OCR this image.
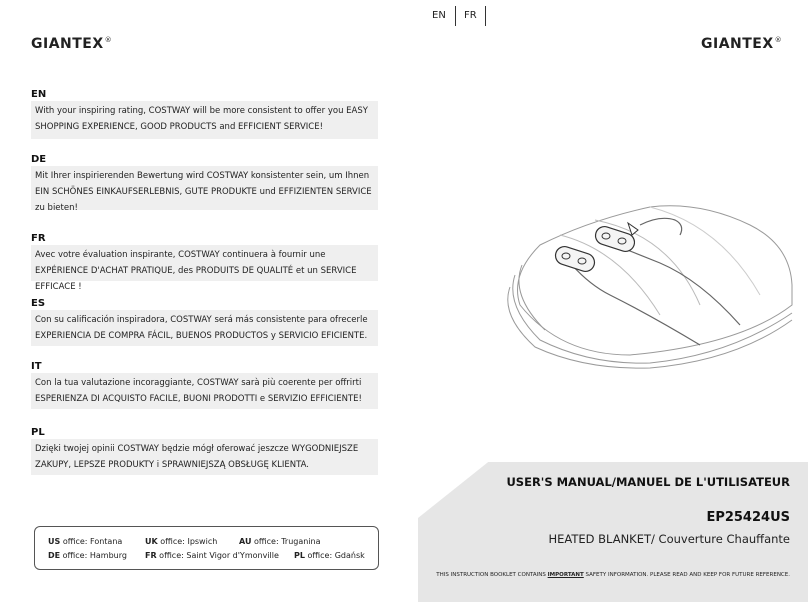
EN FR
GIANTEX®	GIANTEX®
EN
With your inspiring rating, COSTWAY will be more consistent to offer you EASY SHOPPING EXPERIENCE, GOOD PRODUCTS and EFFICIENT SERVICE!
DE
Mit Ihrer inspirierenden Bewertung wird COSTWAY konsistenter sein, um Ihnen EIN SCHÖNES EINKAUFSERLEBNIS, GUTE PRODUKTE und EFFIZIENTEN SERVICE zu bieten!
FR
Avec votre évaluation inspirante, COSTWAY continuera à fournir une EXPÉRIENCE D'ACHAT PRATIQUE, des PRODUITS DE QUALITÉ et un SERVICE EFFICACE !
ES
Con su calificación inspiradora, COSTWAY será más consistente para ofrecerle EXPERIENCIA DE COMPRA FÁCIL, BUENOS PRODUCTOS y SERVICIO EFICIENTE.
IT
Con la tua valutazione incoraggiante, COSTWAY sarà più coerente per offrirti ESPERIENZA DI ACQUISTO FACILE, BUONI PRODOTTI e SERVIZIO EFFICIENTE!
PL
Dzięki twojej opinii COSTWAY będzie mógł oferować jeszcze WYGODNIEJSZE ZAKUPY, LEPSZE PRODUKTY i SPRAWNIEJSZĄ OBSŁUGĘ KLIENTA.
US office: Fontana	UK office: Ipswich	AU office: Truganina
DE office: Hamburg FR office: Saint Vigor d'Ymonville PL office: Gdańsk
USER'S MANUAL/MANUEL DE L'UTILISATEUR
EP25424US
HEATED BLANKET/ Couverture Chauffante
THIS INSTRUCTION BOOKLET CONTAINS IMPORTANT SAFETY INFORMATION. PLEASE READ AND KEEP FOR FUTURE REFERENCE.
